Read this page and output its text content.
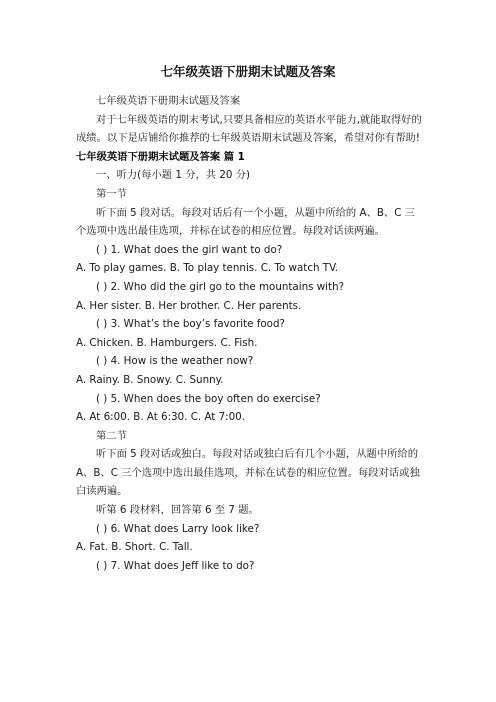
七年级英语下册期末试题及答案

七年级英语下册期末试题及答案

对于七年级英语的期末考试,只要具备相应的英语水平能力,就能取得好的成绩。以下是店铺给你推荐的七年级英语期末试题及答案，希望对你有帮助!

七年级英语下册期末试题及答案 篇 1

一、听力(每小题 1 分，共 20 分)

第一节

听下面 5 段对话。每段对话后有一个小题，从题中所给的 A、B、C 三个选项中选出最佳选项，并标在试卷的相应位置。每段对话读两遍。

( ) 1. What does the girl want to do?

A. To play games. B. To play tennis. C. To watch TV.

( ) 2. Who did the girl go to the mountains with?

A. Her sister. B. Her brother. C. Her parents.

( ) 3. What’s the boy’s favorite food?

A. Chicken. B. Hamburgers. C. Fish.

( ) 4. How is the weather now?

A. Rainy. B. Snowy. C. Sunny.

( ) 5. When does the boy often do exercise?

A. At 6:00. B. At 6:30. C. At 7:00.

第二节

听下面 5 段对话或独白。每段对话或独白后有几个小题，从题中所给的 A、B、C 三个选项中选出最佳选项，并标在试卷的相应位置。每段对话或独白读两遍。

听第 6 段材料，回答第 6 至 7 题。

( ) 6. What does Larry look like?

A. Fat. B. Short. C. Tall.

( ) 7. What does Jeff like to do?
